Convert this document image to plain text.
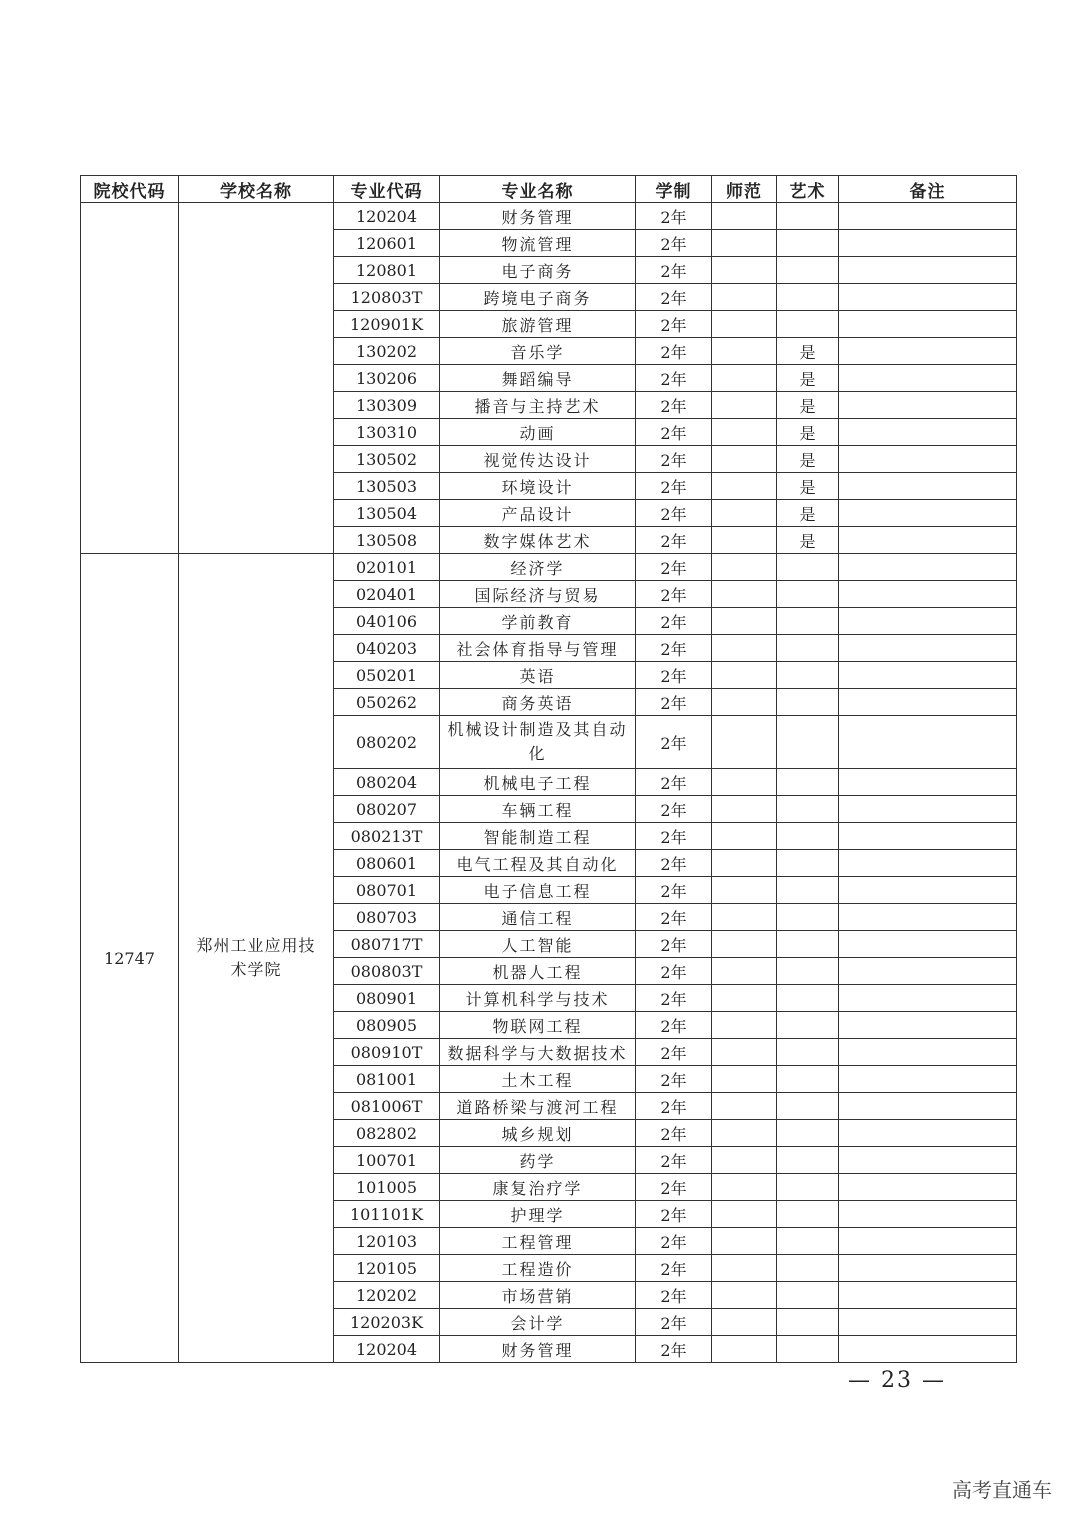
院校代码	学校名称	专业代码	专业名称	学制	师范	艺术	备注
		120204	财务管理	2年			
		120601	物流管理	2年			
		120801	电子商务	2年			
		120803T	跨境电子商务	2年			
		120901K	旅游管理	2年			
		130202	音乐学	2年		是	
		130206	舞蹈编导	2年		是	
		130309	播音与主持艺术	2年		是	
		130310	动画	2年		是	
		130502	视觉传达设计	2年		是	
		130503	环境设计	2年		是	
		130504	产品设计	2年		是	
		130508	数字媒体艺术	2年		是	
12747	郑州工业应用技术学院	020101	经济学	2年			
		020401	国际经济与贸易	2年			
		040106	学前教育	2年			
		040203	社会体育指导与管理	2年			
		050201	英语	2年			
		050262	商务英语	2年			
		080202	机械设计制造及其自动化	2年			
		080204	机械电子工程	2年			
		080207	车辆工程	2年			
		080213T	智能制造工程	2年			
		080601	电气工程及其自动化	2年			
		080701	电子信息工程	2年			
		080703	通信工程	2年			
		080717T	人工智能	2年			
		080803T	机器人工程	2年			
		080901	计算机科学与技术	2年			
		080905	物联网工程	2年			
		080910T	数据科学与大数据技术	2年			
		081001	土木工程	2年			
		081006T	道路桥梁与渡河工程	2年			
		082802	城乡规划	2年			
		100701	药学	2年			
		101005	康复治疗学	2年			
		101101K	护理学	2年			
		120103	工程管理	2年			
		120105	工程造价	2年			
		120202	市场营销	2年			
		120203K	会计学	2年			
		120204	财务管理	2年			
— 23 —
高考直通车
